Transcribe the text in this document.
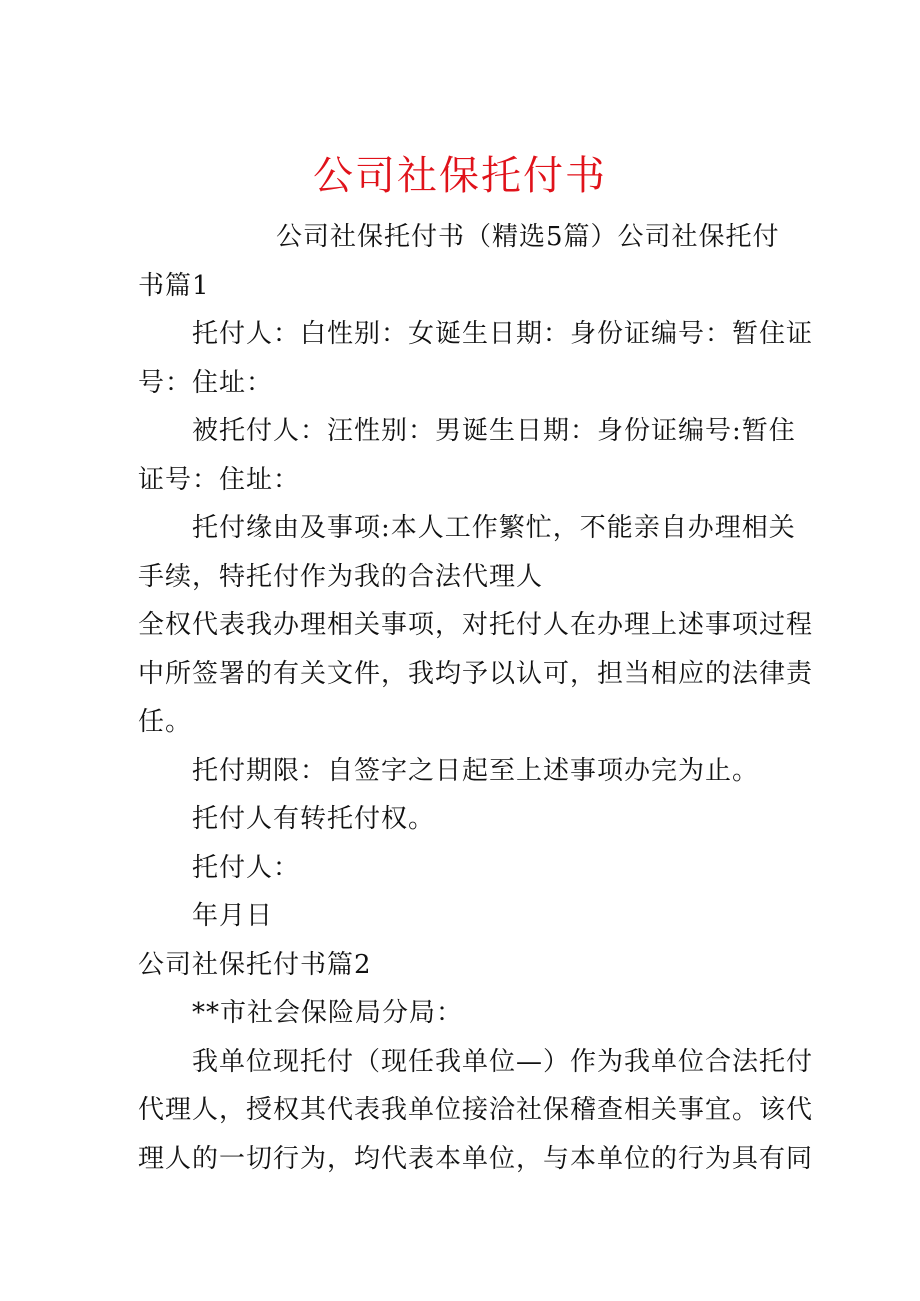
公司社保托付书

公司社保托付书（精选5篇）公司社保托付

书篇1

托付人：白性别：女诞生日期：身份证编号：暂住证

号：住址：

被托付人：汪性别：男诞生日期：身份证编号:暂住

证号：住址：

托付缘由及事项:本人工作繁忙，不能亲自办理相关

手续，特托付作为我的合法代理人

全权代表我办理相关事项，对托付人在办理上述事项过程

中所签署的有关文件，我均予以认可，担当相应的法律责

任。

托付期限：自签字之日起至上述事项办完为止。

托付人有转托付权。

托付人：

年月日

公司社保托付书篇2

**市社会保险局分局：

我单位现托付（现任我单位—）作为我单位合法托付

代理人，授权其代表我单位接洽社保稽查相关事宜。该代

理人的一切行为，均代表本单位，与本单位的行为具有同
